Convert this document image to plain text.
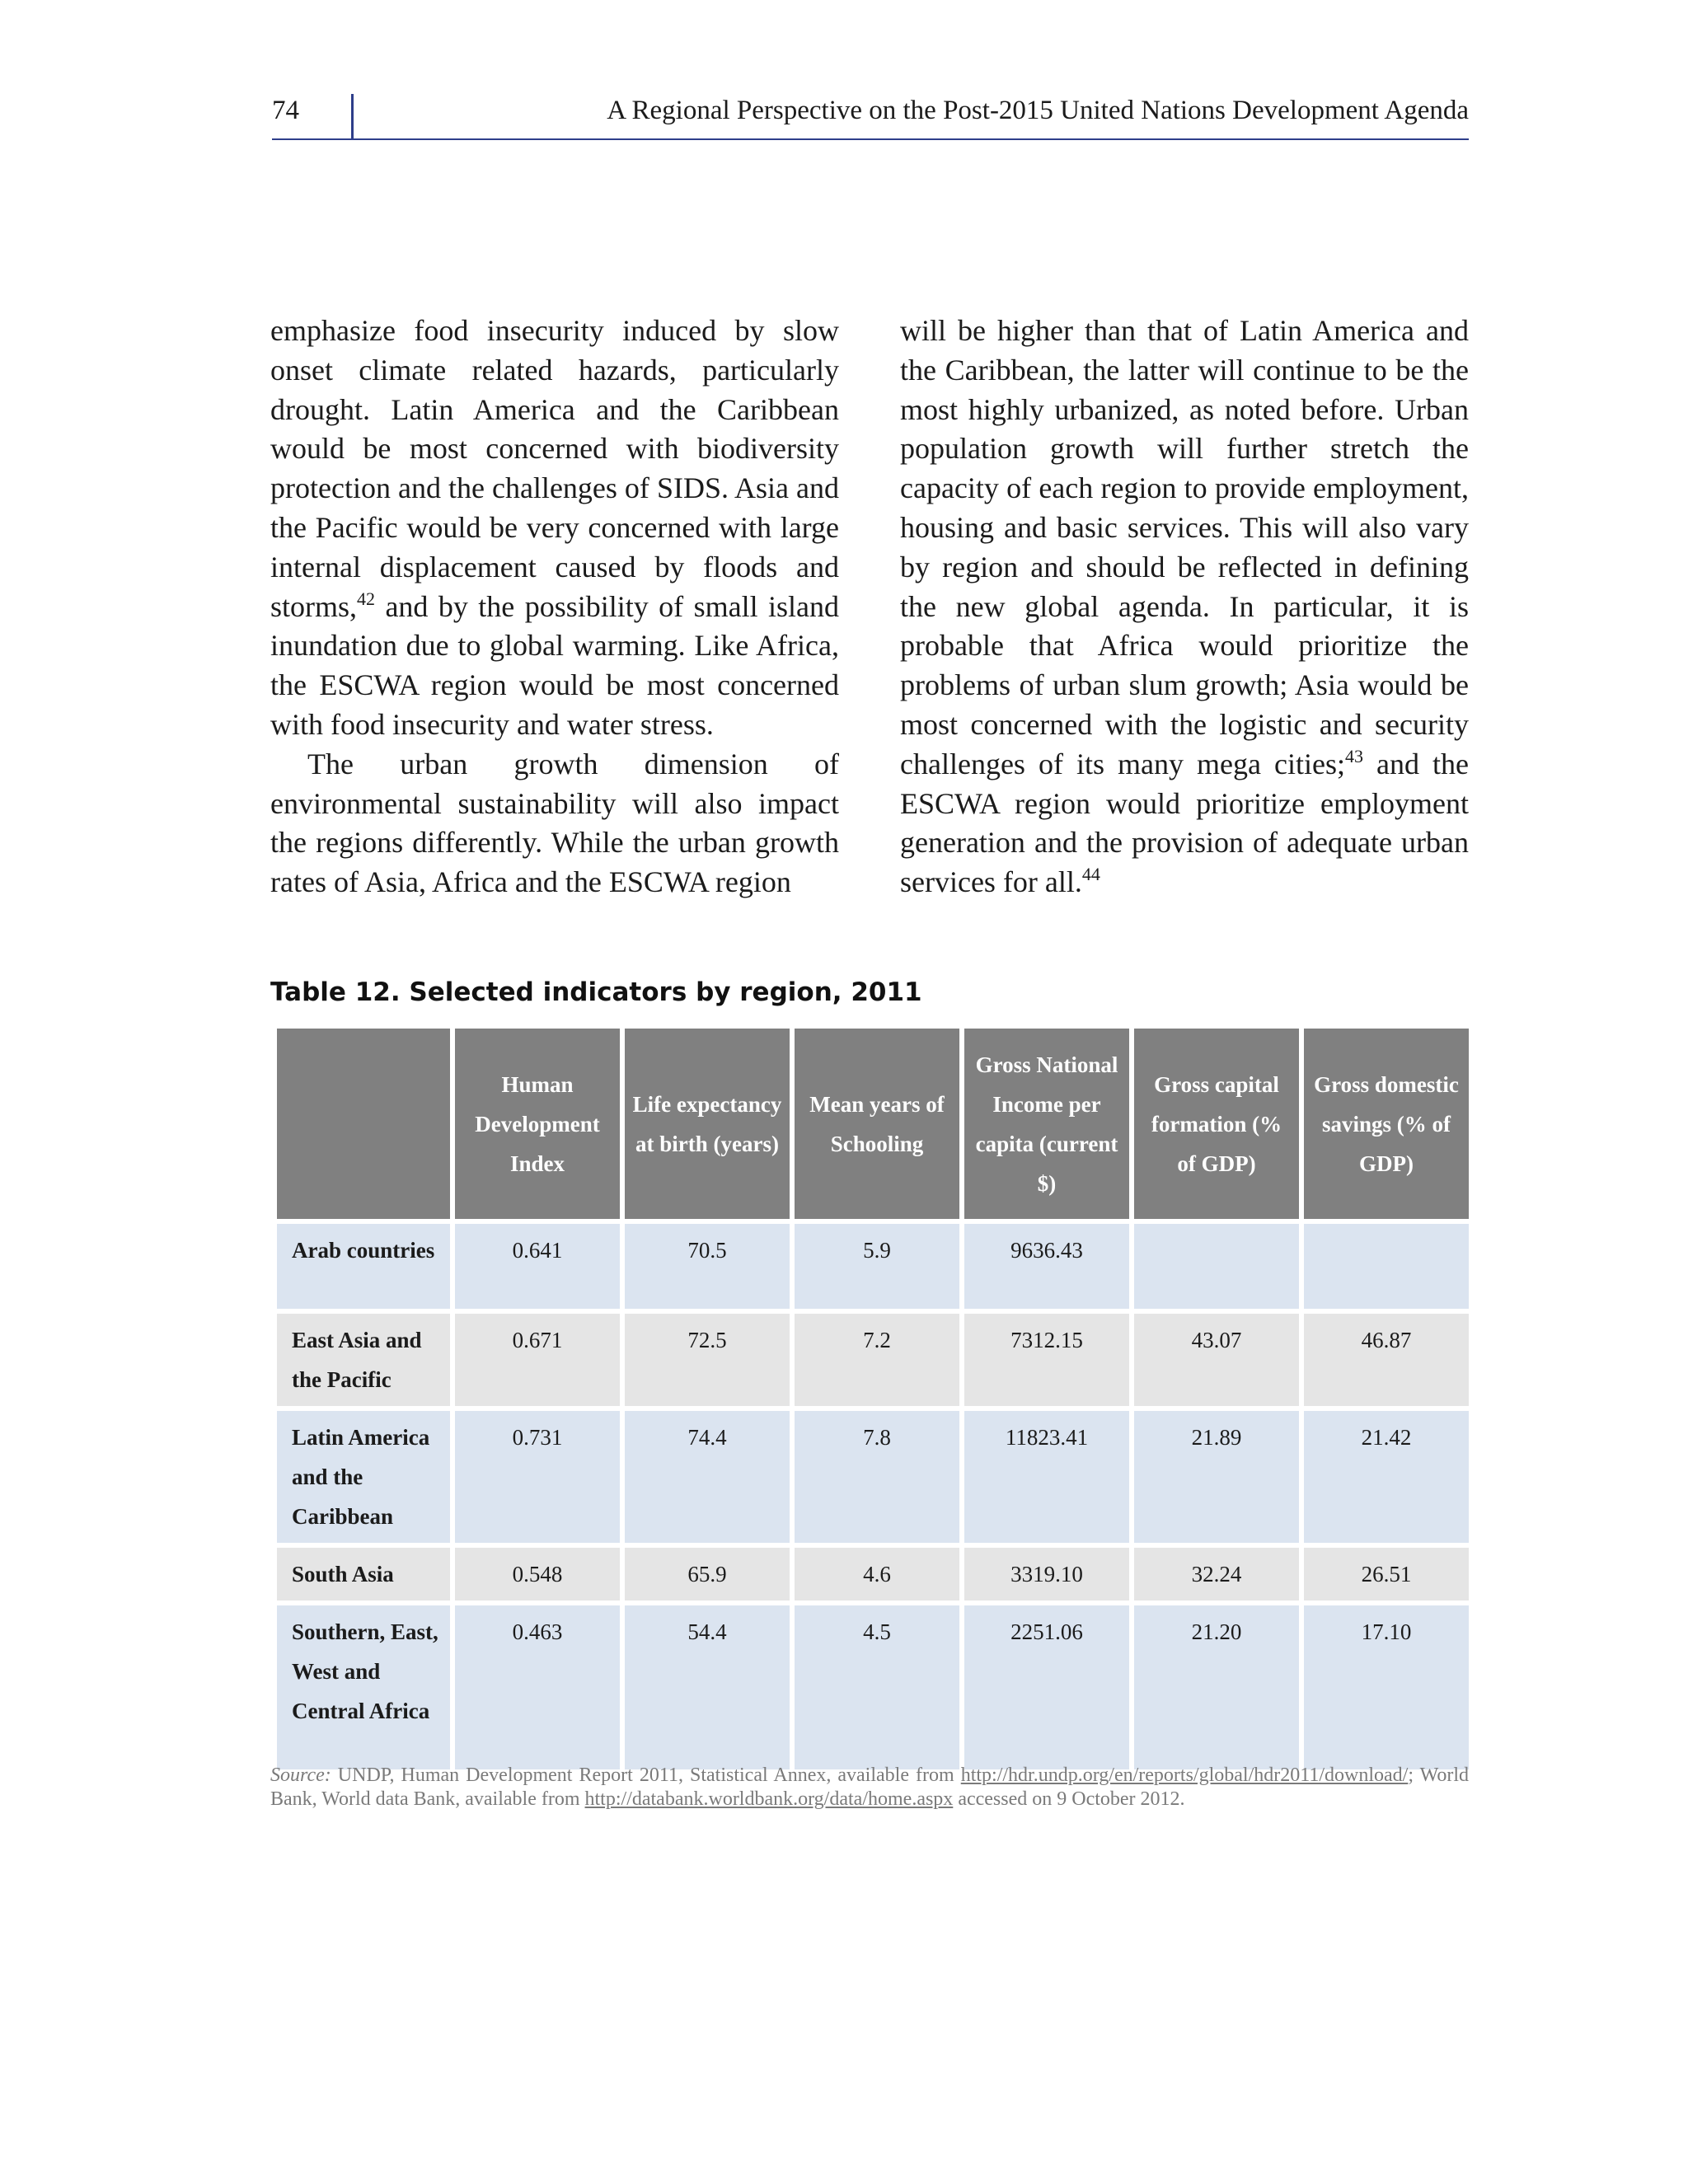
74	A Regional Perspective on the Post-2015 United Nations Development Agenda

emphasize food insecurity induced by slow onset climate related hazards, particularly drought. Latin America and the Caribbean would be most concerned with biodiversity protection and the challenges of SIDS. Asia and the Pacific would be very concerned with large internal displacement caused by floods and storms,$^{42}$ and by the possibility of small island inundation due to global warming. Like Africa, the ESCWA region would be most concerned with food insecurity and water stress.

The urban growth dimension of environmental sustainability will also impact the regions differently. While the urban growth rates of Asia, Africa and the ESCWA region

will be higher than that of Latin America and the Caribbean, the latter will continue to be the most highly urbanized, as noted before. Urban population growth will further stretch the capacity of each region to provide employment, housing and basic services. This will also vary by region and should be reflected in defining the new global agenda. In particular, it is probable that Africa would prioritize the problems of urban slum growth; Asia would be most concerned with the logistic and security challenges of its many mega cities;$^{43}$ and the ESCWA region would prioritize employment generation and the provision of adequate urban services for all.$^{44}$

Table 12. Selected indicators by region, 2011
	Human Development Index	Life expectancy at birth (years)	Mean years of Schooling	Gross National Income per capita (current $)	Gross capital formation (% of GDP)	Gross domestic savings (% of GDP)
Arab countries	0.641	70.5	5.9	9636.43		
East Asia and the Pacific	0.671	72.5	7.2	7312.15	43.07	46.87
Latin America and the Caribbean	0.731	74.4	7.8	11823.41	21.89	21.42
South Asia	0.548	65.9	4.6	3319.10	32.24	26.51
Southern, East, West and Central Africa	0.463	54.4	4.5	2251.06	21.20	17.10
Source: UNDP, Human Development Report 2011, Statistical Annex, available from http://hdr.undp.org/en/reports/global/hdr2011/download/; World Bank, World data Bank, available from http://databank.worldbank.org/data/home.aspx accessed on 9 October 2012.
